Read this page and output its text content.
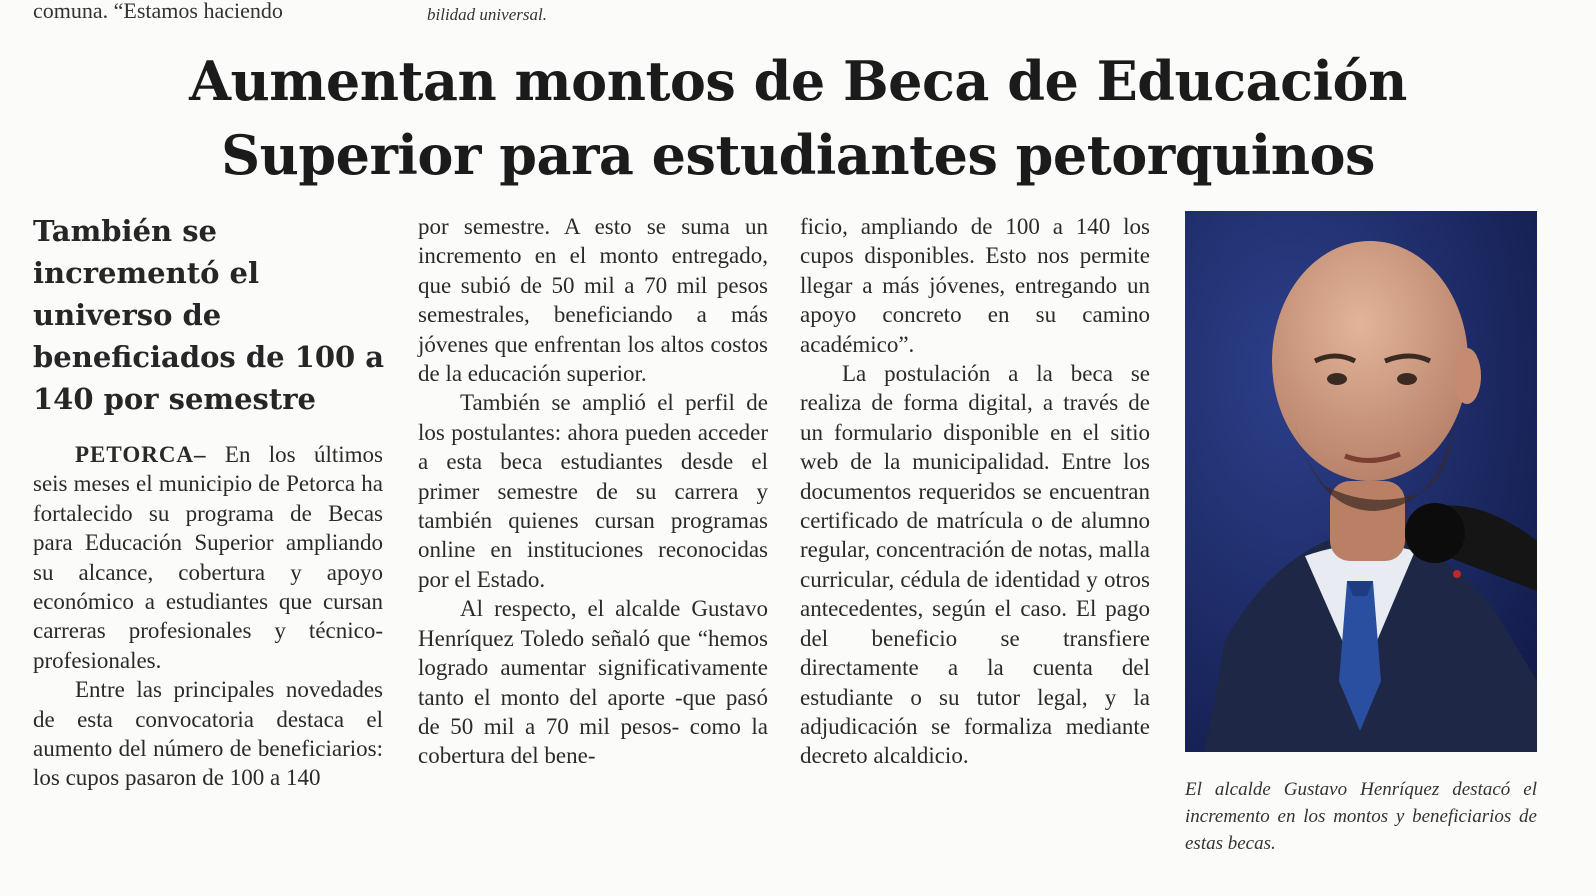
comuna. “Estamos haciendo	bilidad universal.
Aumentan montos de Beca de Educación
Superior para estudiantes petorquinos
También se incrementó el universo de beneficiados de 100 a 140 por semestre

PETORCA– En los últimos seis meses el municipio de Petorca ha fortalecido su programa de Becas para Educación Superior ampliando su alcance, cobertura y apoyo económico a estudiantes que cursan carreras profesionales y técnico-profesionales.

Entre las principales novedades de esta convocatoria destaca el aumento del número de beneficiarios: los cupos pasaron de 100 a 140

por semestre. A esto se suma un incremento en el monto entregado, que subió de 50 mil a 70 mil pesos semestrales, beneficiando a más jóvenes que enfrentan los altos costos de la educación superior.

También se amplió el perfil de los postulantes: ahora pueden acceder a esta beca estudiantes desde el primer semestre de su carrera y también quienes cursan programas online en instituciones reconocidas por el Estado.

Al respecto, el alcalde Gustavo Henríquez Toledo señaló que “hemos logrado aumentar significativamente tanto el monto del aporte -que pasó de 50 mil a 70 mil pesos- como la cobertura del bene-

ficio, ampliando de 100 a 140 los cupos disponibles. Esto nos permite llegar a más jóvenes, entregando un apoyo concreto en su camino académico”.

La postulación a la beca se realiza de forma digital, a través de un formulario disponible en el sitio web de la municipalidad. Entre los documentos requeridos se encuentran certificado de matrícula o de alumno regular, concentración de notas, malla curricular, cédula de identidad y otros antecedentes, según el caso. El pago del beneficio se transfiere directamente a la cuenta del estudiante o su tutor legal, y la adjudicación se formaliza mediante decreto alcaldicio.

El alcalde Gustavo Henríquez destacó el incremento en los montos y beneficiarios de estas becas.
